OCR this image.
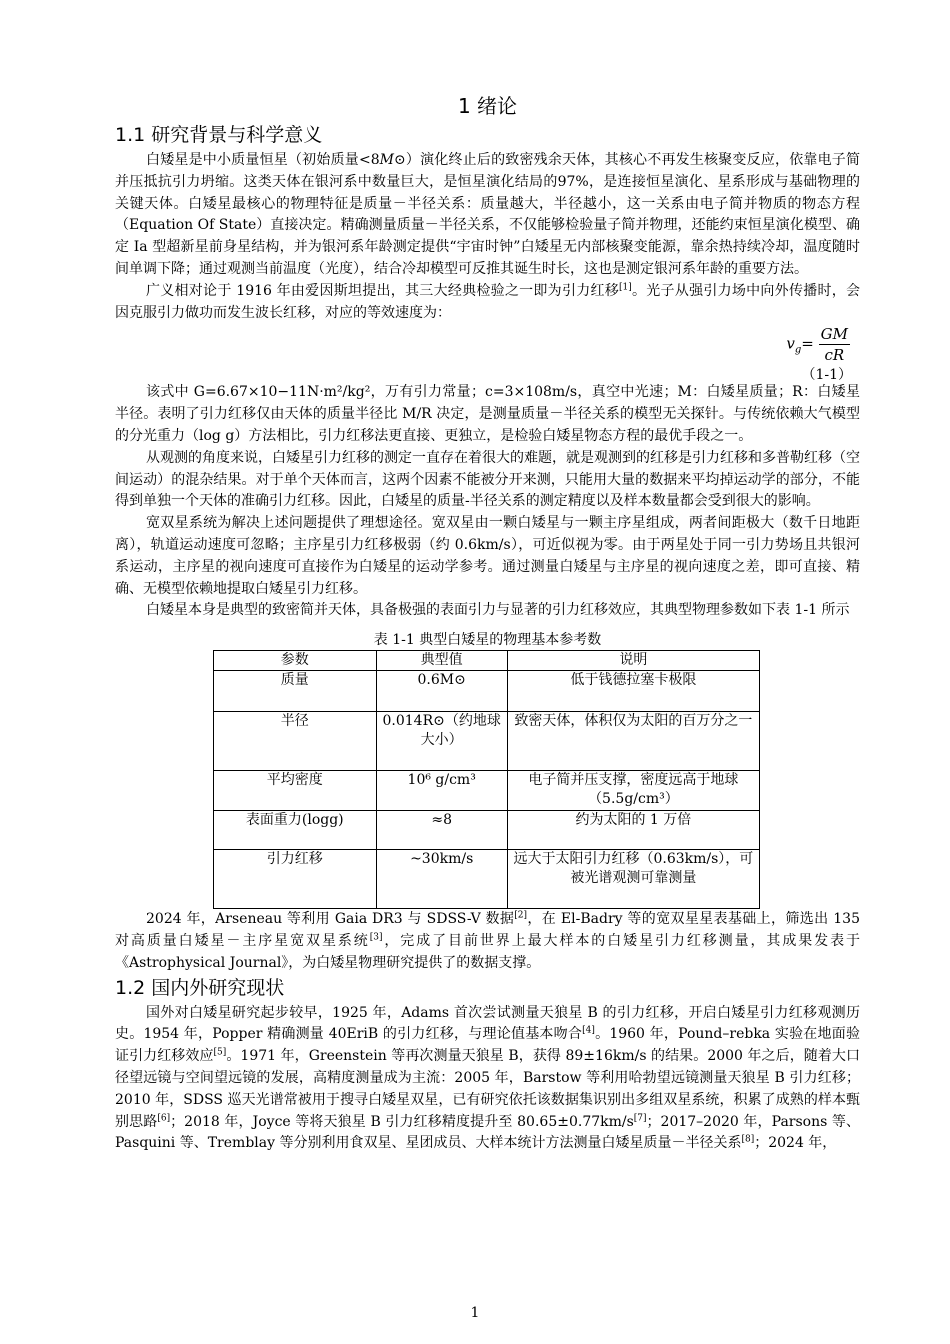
1 绪论
1.1 研究背景与科学意义

白矮星是中小质量恒星（初始质量<8M⊙）演化终止后的致密残余天体，其核心不再发生核聚变反应，依靠电子简并压抵抗引力坍缩。这类天体在银河系中数量巨大，是恒星演化结局的97%，是连接恒星演化、星系形成与基础物理的关键天体。白矮星最核心的物理特征是质量－半径关系：质量越大，半径越小，这一关系由电子简并物质的物态方程（Equation Of State）直接决定。精确测量质量－半径关系，不仅能够检验量子简并物理，还能约束恒星演化模型、确定 Ia 型超新星前身星结构，并为银河系年龄测定提供“宇宙时钟”白矮星无内部核聚变能源，靠余热持续冷却，温度随时间单调下降；通过观测当前温度（光度），结合冷却模型可反推其诞生时长，这也是测定银河系年龄的重要方法。

广义相对论于 1916 年由爱因斯坦提出，其三大经典检验之一即为引力红移[1]。光子从强引力场中向外传播时，会因克服引力做功而发生波长红移，对应的等效速度为：

$v_g= \frac{GM}{cR}$
（1-1）

该式中 G=6.67×10−11N·m²/kg²，万有引力常量；c=3×108m/s，真空中光速；M：白矮星质量；R：白矮星半径。表明了引力红移仅由天体的质量半径比 M/R 决定，是测量质量－半径关系的模型无关探针。与传统依赖大气模型的分光重力（log g）方法相比，引力红移法更直接、更独立，是检验白矮星物态方程的最优手段之一。

从观测的角度来说，白矮星引力红移的测定一直存在着很大的难题，就是观测到的红移是引力红移和多普勒红移（空间运动）的混杂结果。对于单个天体而言，这两个因素不能被分开来测，只能用大量的数据来平均掉运动学的部分，不能得到单独一个天体的准确引力红移。因此，白矮星的质量-半径关系的测定精度以及样本数量都会受到很大的影响。

宽双星系统为解决上述问题提供了理想途径。宽双星由一颗白矮星与一颗主序星组成，两者间距极大（数千日地距离），轨道运动速度可忽略；主序星引力红移极弱（约 0.6km/s），可近似视为零。由于两星处于同一引力势场且共银河系运动，主序星的视向速度可直接作为白矮星的运动学参考。通过测量白矮星与主序星的视向速度之差，即可直接、精确、无模型依赖地提取白矮星引力红移。

白矮星本身是典型的致密简并天体，具备极强的表面引力与显著的引力红移效应，其典型物理参数如下表 1-1 所示

表 1-1 典型白矮星的物理基本参考数
参数	典型值	说明
质量	0.6M⊙	低于钱德拉塞卡极限
半径	0.014R⊙（约地球大小）	致密天体，体积仅为太阳的百万分之一
平均密度	10⁶ g/cm³	电子简并压支撑，密度远高于地球（5.5g/cm³）
表面重力(logg)	≈8	约为太阳的 1 万倍
引力红移	~30km/s	远大于太阳引力红移（0.63km/s），可被光谱观测可靠测量

2024 年，Arseneau 等利用 Gaia DR3 与 SDSS-V 数据[2]，在 El-Badry 等的宽双星星表基础上，筛选出 135 对高质量白矮星－主序星宽双星系统[3]，完成了目前世界上最大样本的白矮星引力红移测量，其成果发表于《Astrophysical Journal》，为白矮星物理研究提供了的数据支撑。

1.2 国内外研究现状

国外对白矮星研究起步较早，1925 年，Adams 首次尝试测量天狼星 B 的引力红移，开启白矮星引力红移观测历史。1954 年，Popper 精确测量 40EriB 的引力红移，与理论值基本吻合[4]。1960 年，Pound–rebka 实验在地面验证引力红移效应[5]。1971 年，Greenstein 等再次测量天狼星 B，获得 89±16km/s 的结果。2000 年之后，随着大口径望远镜与空间望远镜的发展，高精度测量成为主流：2005 年，Barstow 等利用哈勃望远镜测量天狼星 B 引力红移；2010 年，SDSS 巡天光谱常被用于搜寻白矮星双星，已有研究依托该数据集识别出多组双星系统，积累了成熟的样本甄别思路[6]；2018 年，Joyce 等将天狼星 B 引力红移精度提升至 80.65±0.77km/s[7]；2017–2020 年，Parsons 等、Pasquini 等、Tremblay 等分别利用食双星、星团成员、大样本统计方法测量白矮星质量－半径关系[8]；2024 年，

1
